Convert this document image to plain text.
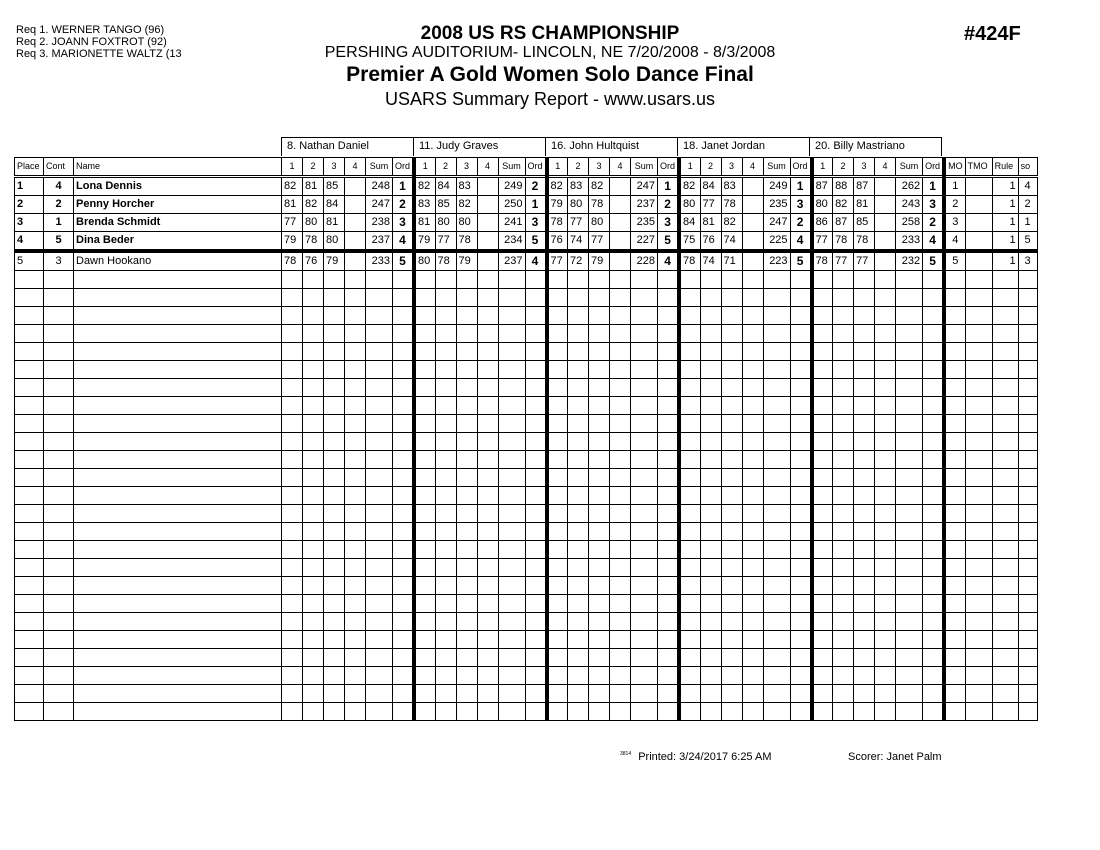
Req 1. WERNER TANGO (96)
Req 2. JOANN FOXTROT (92)
Req 3. MARIONETTE WALTZ (13
2008 US RS CHAMPIONSHIP
PERSHING AUDITORIUM- LINCOLN, NE 7/20/2008 - 8/3/2008
Premier A Gold Women Solo Dance Final
USARS Summary Report - www.usars.us
#424F
8. Nathan Daniel	11. Judy Graves	16. John Hultquist	18. Janet Jordan	20. Billy Mastriano
Place	Cont	Name	1	2	3	4	Sum	Ord	1	2	3	4	Sum	Ord	1	2	3	4	Sum	Ord	1	2	3	4	Sum	Ord	1	2	3	4	Sum	Ord	MO	TMO	Rule	so
1	4	Lona Dennis	82	81	85		248	1	82	84	83		249	2	82	83	82		247	1	82	84	83		249	1	87	88	87		262	1	1		1	4
2	2	Penny Horcher	81	82	84		247	2	83	85	82		250	1	79	80	78		237	2	80	77	78		235	3	80	82	81		243	3	2		1	2
3	1	Brenda Schmidt	77	80	81		238	3	81	80	80		241	3	78	77	80		235	3	84	81	82		247	2	86	87	85		258	2	3		1	1
4	5	Dina Beder	79	78	80		237	4	79	77	78		234	5	76	74	77		227	5	75	76	74		225	4	77	78	78		233	4	4		1	5
5	3	Dawn Hookano	78	76	79		233	5	80	78	79		237	4	77	72	79		228	4	78	74	71		223	5	78	77	77		232	5	5		1	3

$^{3814}$ Printed: 3/24/2017 6:25 AM	Scorer: Janet Palm
